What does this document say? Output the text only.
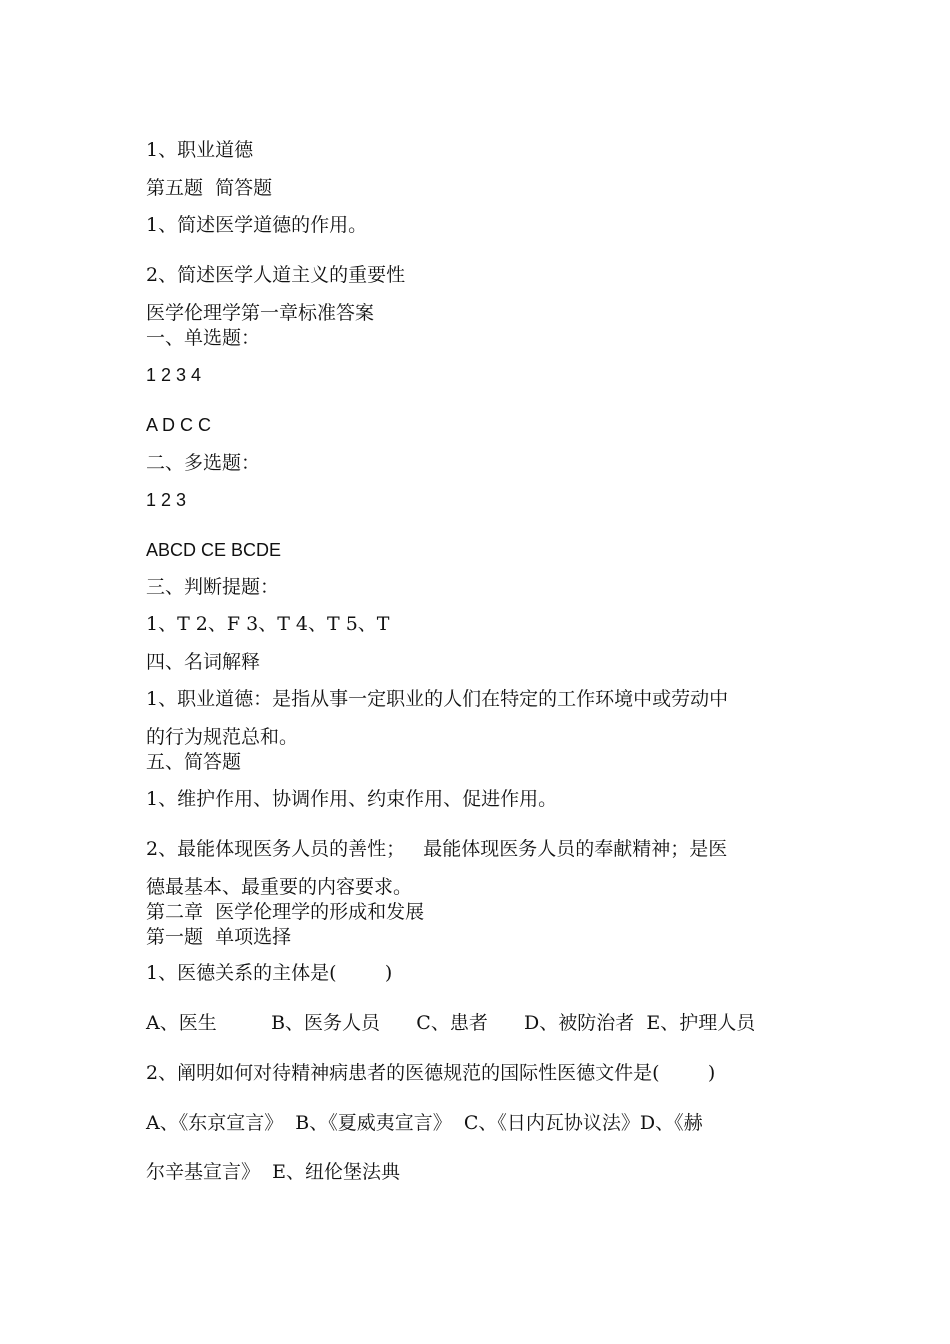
1、职业道德

第五题  简答题

1、简述医学道德的作用。

2、简述医学人道主义的重要性

医学伦理学第一章标准答案

一、单选题：

1 2 3 4

A D C C

二、多选题：

1 2 3

ABCD CE BCDE

三、判断提题：

1、T 2、F 3、T 4、T 5、T

四、名词解释

1、职业道德：是指从事一定职业的人们在特定的工作环境中或劳动中

的行为规范总和。

五、简答题

1、维护作用、协调作用、约束作用、促进作用。

2、最能体现医务人员的善性；   最能体现医务人员的奉献精神；是医

德最基本、最重要的内容要求。

第二章  医学伦理学的形成和发展

第一题  单项选择

1、医德关系的主体是(        )

A、医生         B、医务人员      C、患者      D、被防治者  E、护理人员

2、阐明如何对待精神病患者的医德规范的国际性医德文件是(        )

A、《东京宣言》  B、《夏威夷宣言》  C、《日内瓦协议法》D、《赫

尔辛基宣言》  E、纽伦堡法典
